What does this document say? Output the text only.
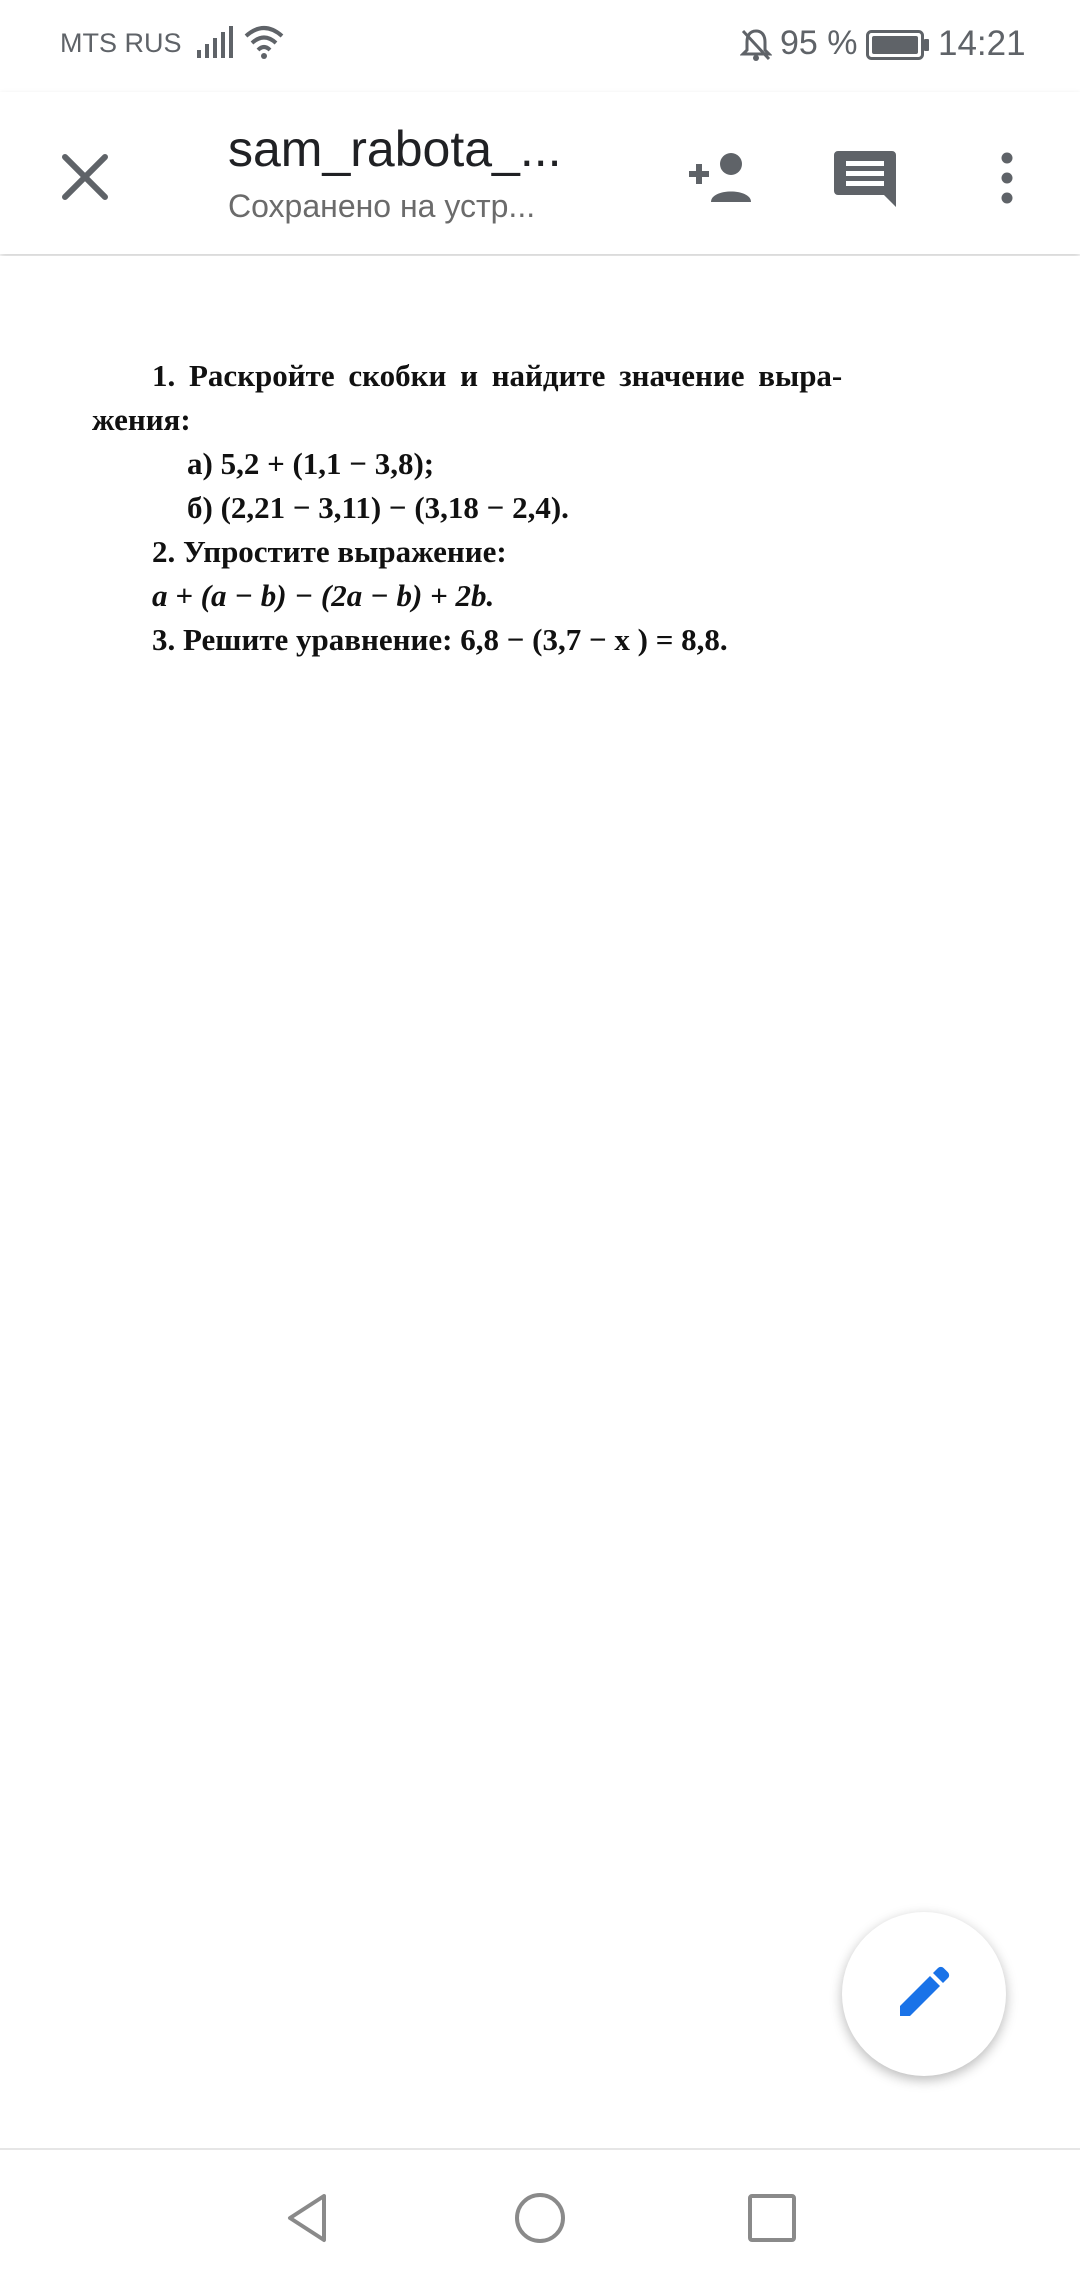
MTS RUS	95 % 14:21
sam_rabota_...
Сохранено на устр...
1. Раскройте скобки и найдите значение выра-
жения:
а) 5,2 + (1,1 − 3,8);
б) (2,21 − 3,11) − (3,18 − 2,4).
2. Упростите выражение:
a + (a − b) − (2a − b) + 2b.
3. Решите уравнение: 6,8 − (3,7 − x ) = 8,8.
